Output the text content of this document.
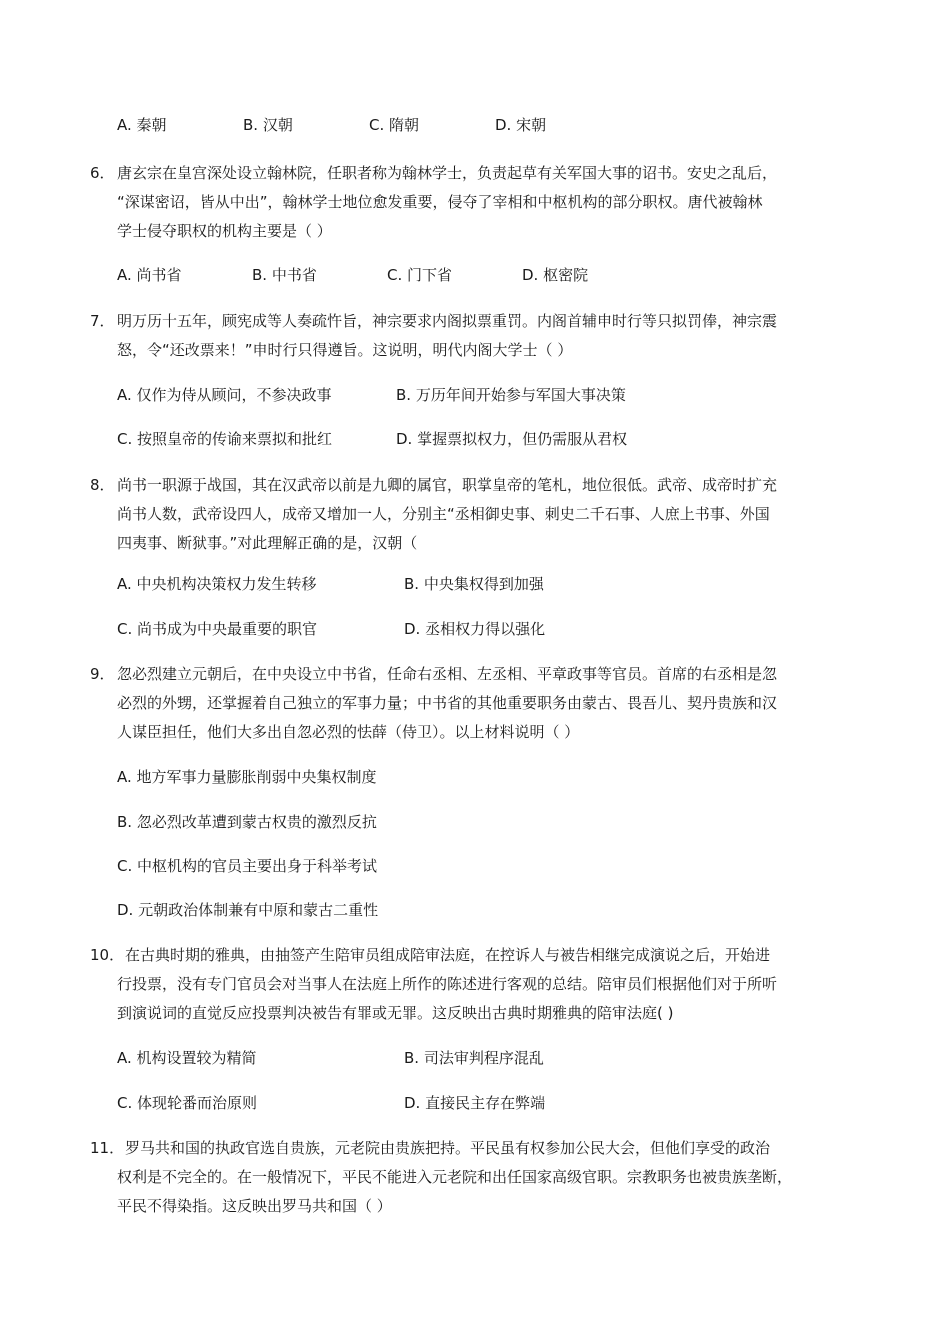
A. 秦朝	B. 汉朝	C. 隋朝	D. 宋朝
6． 唐玄宗在皇宫深处设立翰林院，任职者称为翰林学士，负责起草有关军国大事的诏书。安史之乱后，
“深谋密诏，皆从中出”，翰林学士地位愈发重要，侵夺了宰相和中枢机构的部分职权。唐代被翰林
学士侵夺职权的机构主要是（ ）
A. 尚书省	B. 中书省	C. 门下省	D. 枢密院
7． 明万历十五年，顾宪成等人奏疏忤旨，神宗要求内阁拟票重罚。内阁首辅申时行等只拟罚俸，神宗震
怒，令“还改票来！”申时行只得遵旨。这说明，明代内阁大学士（ ）
A. 仅作为侍从顾问，不参决政事	B. 万历年间开始参与军国大事决策
C. 按照皇帝的传谕来票拟和批红	D. 掌握票拟权力，但仍需服从君权
8． 尚书一职源于战国，其在汉武帝以前是九卿的属官，职掌皇帝的笔札，地位很低。武帝、成帝时扩充
尚书人数，武帝设四人，成帝又增加一人，分别主“丞相御史事、刺史二千石事、人庶上书事、外国
四夷事、断狱事。”对此理解正确的是，汉朝（
A. 中央机构决策权力发生转移	B. 中央集权得到加强
C. 尚书成为中央最重要的职官	D. 丞相权力得以强化
9． 忽必烈建立元朝后，在中央设立中书省，任命右丞相、左丞相、平章政事等官员。首席的右丞相是忽
必烈的外甥，还掌握着自己独立的军事力量；中书省的其他重要职务由蒙古、畏吾儿、契丹贵族和汉
人谋臣担任，他们大多出自忽必烈的怯薛（侍卫）。以上材料说明（ ）
A. 地方军事力量膨胀削弱中央集权制度
B. 忽必烈改革遭到蒙古权贵的激烈反抗
C. 中枢机构的官员主要出身于科举考试
D. 元朝政治体制兼有中原和蒙古二重性
10． 在古典时期的雅典，由抽签产生陪审员组成陪审法庭，在控诉人与被告相继完成演说之后，开始进
行投票，没有专门官员会对当事人在法庭上所作的陈述进行客观的总结。陪审员们根据他们对于所听
到演说词的直觉反应投票判决被告有罪或无罪。这反映出古典时期雅典的陪审法庭( )
A. 机构设置较为精简	B. 司法审判程序混乱
C. 体现轮番而治原则	D. 直接民主存在弊端
11． 罗马共和国的执政官选自贵族，元老院由贵族把持。平民虽有权参加公民大会，但他们享受的政治
权利是不完全的。在一般情况下，平民不能进入元老院和出任国家高级官职。宗教职务也被贵族垄断，
平民不得染指。这反映出罗马共和国（ ）
